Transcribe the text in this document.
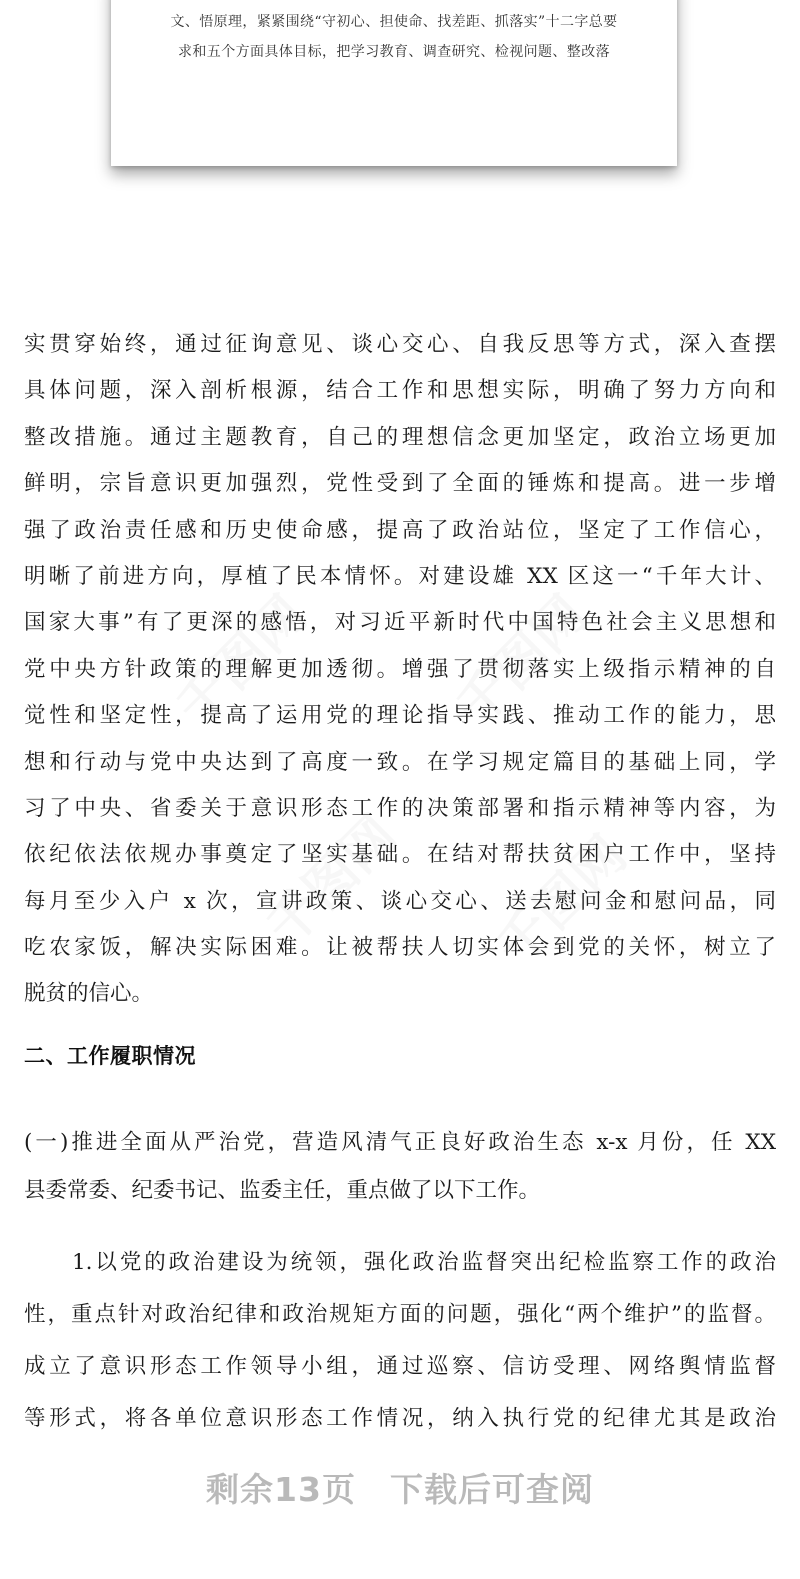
文、悟原理，紧紧围绕“守初心、担使命、找差距、抓落实”十二字总要
求和五个方面具体目标，把学习教育、调查研究、检视问题、整改落
千图网 千图网
千图网 千图网
实贯穿始终，通过征询意见、谈心交心、自我反思等方式，深入查摆
具体问题，深入剖析根源，结合工作和思想实际，明确了努力方向和
整改措施。通过主题教育，自己的理想信念更加坚定，政治立场更加
鲜明，宗旨意识更加强烈，党性受到了全面的锤炼和提高。进一步增
强了政治责任感和历史使命感，提高了政治站位，坚定了工作信心，
明晰了前进方向，厚植了民本情怀。对建设雄 XX 区这一“千年大计、
国家大事”有了更深的感悟，对习近平新时代中国特色社会主义思想和
党中央方针政策的理解更加透彻。增强了贯彻落实上级指示精神的自
觉性和坚定性，提高了运用党的理论指导实践、推动工作的能力，思
想和行动与党中央达到了高度一致。在学习规定篇目的基础上同，学
习了中央、省委关于意识形态工作的决策部署和指示精神等内容，为
依纪依法依规办事奠定了坚实基础。在结对帮扶贫困户工作中，坚持
每月至少入户 x 次，宣讲政策、谈心交心、送去慰问金和慰问品，同
吃农家饭，解决实际困难。让被帮扶人切实体会到党的关怀，树立了
脱贫的信心。
二、工作履职情况
(一)推进全面从严治党，营造风清气正良好政治生态 x-x 月份，任 XX
县委常委、纪委书记、监委主任，重点做了以下工作。
1.以党的政治建设为统领，强化政治监督突出纪检监察工作的政治
性，重点针对政治纪律和政治规矩方面的问题，强化“两个维护”的监督。
成立了意识形态工作领导小组，通过巡察、信访受理、网络舆情监督
等形式，将各单位意识形态工作情况，纳入执行党的纪律尤其是政治
剩余13页 下载后可查阅
